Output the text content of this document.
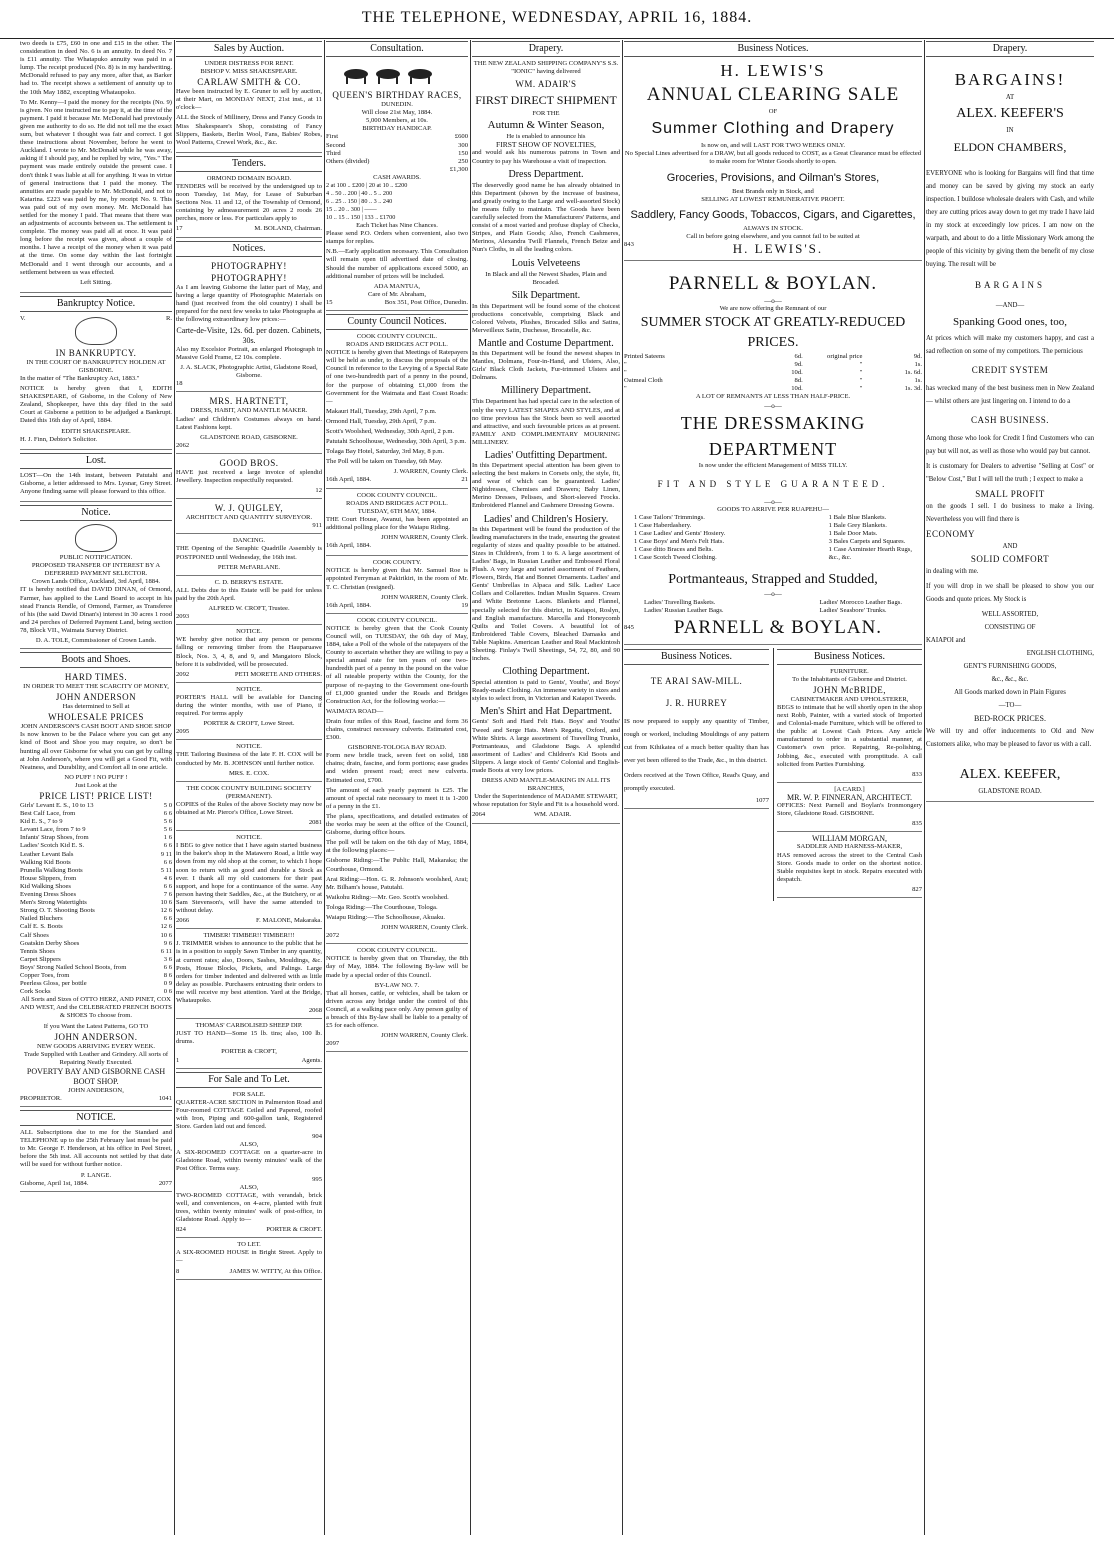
THE TELEPHONE, WEDNESDAY, APRIL 16, 1884.

two deeds is £75, £60 in one and £15 in the other. The consideration in deed No. 6 is an annuity. In deed No. 7 is £11 annuity. The Whatapuko annuity was paid in a lump. The receipt produced (No. 8) is in my handwriting. McDonald refused to pay any more, after that, as Barker had to. The receipt shows a settlement of annuity up to the 10th May 1882, excepting Whataupoko.

To Mr. Kenny—I paid the money for the receipts (No. 9) is given. No one instructed me to pay it, at the time of the payment. I paid it because Mr. McDonald had previously given me authority to do so. He did not tell me the exact sum, but whatever I thought was fair and correct. I got these instructions about November, before he went to Auckland. I wrote to Mr. McDonald while he was away, asking if I should pay, and he replied by wire, "Yes." The payment was made entirely outside the present case. I don't think I was liable at all for anything. It was in virtue of general instructions that I paid the money. The annuities are made payable to Mr. McDonald, and not to Katarina. £223 was paid by me, by receipt No. 9. This was paid out of my own money. Mr. McDonald has settled for the money I paid. That means that there was an adjustments of accounts between us. The settlement is complete. The money was paid all at once. It was paid long before the receipt was given, about a couple of months. I have a receipt of the money when it was paid at the time. On some day within the last fortnight McDonald and I went through our accounts, and a settlement between us was effected.

Left Sitting.

Bankruptcy Notice.
V.	R.
IN BANKRUPTCY.
IN THE COURT OF BANKRUPTCY HOLDEN AT GISBORNE.

In the matter of "The Bankruptcy Act, 1883."

NOTICE is hereby given that I, EDITH SHAKESPEARE, of Gisborne, in the Colony of New Zealand, Shopkeeper, have this day filed in the said Court at Gisborne a petition to be adjudged a Bankrupt. Dated this 16th day of April, 1884.

EDITH SHAKESPEARE.

H. J. Finn, Debtor's Solicitor.

Lost.

LOST—On the 14th instant, between Patutahi and Gisborne, a letter addressed to Mrs. Lysnar, Grey Street. Anyone finding same will please forward to this office.

Notice.
PUBLIC NOTIFICATION.
PROPOSED TRANSFER OF INTEREST BY A DEFERRED PAYMENT SELECTOR.
Crown Lands Office, Auckland, 3rd April, 1884.

IT is hereby notified that DAVID DINAN, of Ormond, Farmer, has applied to the Land Board to accept in his stead Francis Rendle, of Ormond, Farmer, as Transferee of his (the said David Dinan's) interest in 30 acres 1 rood and 24 perches of Deferred Payment Land, being section 78, Block VII., Waimata Survey District.

D. A. TOLE, Commissioner of Crown Lands.
Boots and Shoes.
HARD TIMES.
IN ORDER TO MEET THE SCARCITY OF MONEY,
JOHN ANDERSON
Has determined to Sell at
WHOLESALE PRICES
JOHN ANDERSON'S CASH BOOT AND SHOE SHOP

Is now known to be the Palace where you can get any kind of Boot and Shoe you may require, so don't be hunting all over Gisborne for what you can get by calling at John Anderson's, where you will get a Good Fit, with Neatness, and Durability, and Comfort all in one article.

NO PUFF ! NO PUFF !
Just Look at the
PRICE LIST! PRICE LIST!
Girls' Levant E. S., 10 to 13	5 0
Best Calf Lace, from	6 6
Kid E. S., 7 to 9	5 6
Levant Lace, from 7 to 9	5 6
Infants' Strap Shoes, from	1 6
Ladies' Scotch Kid E. S.	6 6
Leather Levant Bals	9 11
Walking Kid Boots	6 6
Prunella Walking Boots	5 11
House Slippers, from	4 6
Kid Walking Shoes	6 6
Evening Dress Shoes	7 6
Men's Strong Watertights	10 6
Strong O. T. Shooting Boots	12 6
Nailed Bluchers	6 6
Calf E. S. Boots	12 6
Calf Shoes	10 6
Goatskin Derby Shoes	9 6
Tennis Shoes	6 11
Carpet Slippers	3 6
Boys' Strong Nailed School Boots, from	6 6
Copper Toes, from	8 6
Peerless Gloss, per bottle	0 9
Cork Socks	0 6

All Sorts and Sizes of OTTO HERZ, AND PINET, COX AND WEST, And the CELEBRATED FRENCH BOOTS & SHOES To choose from.

If you Want the Latest Patterns, GO TO
JOHN ANDERSON.
NEW GOODS ARRIVING EVERY WEEK.
Trade Supplied with Leather and Grindery. All sorts of Repairing Neatly Executed.
POVERTY BAY AND GISBORNE CASH BOOT SHOP.
JOHN ANDERSON,
PROPRIETOR.	1041
NOTICE.

ALL Subscriptions due to me for the Standard and TELEPHONE up to the 25th February last must be paid to Mr. George F. Henderson, at his office in Peel Street, before the 5th inst. All accounts not settled by that date will be sued for without further notice.

P. LANGE.
Gisborne, April 1st, 1884.	2077
Sales by Auction.
UNDER DISTRESS FOR RENT.
BISHOP V. MISS SHAKESPEARE.
CARLAW SMITH & CO.

Have been instructed by E. Gruner to sell by auction, at their Mart, on MONDAY NEXT, 21st inst., at 11 o'clock—

ALL the Stock of Millinery, Dress and Fancy Goods in Miss Shakespeare's Shop, consisting of Fancy Slippers, Baskets, Berlin Wool, Fans, Babies' Robes, Wool Patterns, Crewel Work, &c., &c.

Tenders.
ORMOND DOMAIN BOARD.

TENDERS will be received by the undersigned up to noon Tuesday, 1st May, for Lease of Suburban Sections Nos. 11 and 12, of the Township of Ormond, containing by admeasurement 20 acres 2 roods 26 perches, more or less. For particulars apply to

17	M. BOLAND, Chairman.
Notices.
PHOTOGRAPHY! PHOTOGRAPHY!

As I am leaving Gisborne the latter part of May, and having a large quantity of Photographic Materials on hand (just received from the old country) I shall be prepared for the next few weeks to take Photographs at the following extraordinary low prices:—

Carte-de-Visite, 12s. 6d. per dozen. Cabinets, 30s.

Also my Excelsior Portrait, an enlarged Photograph in Massive Gold Frame, £2 10s. complete.

J. A. SLACK, Photographic Artist, Gladstone Road, Gisborne.
18
MRS. HARTNETT,
DRESS, HABIT, AND MANTLE MAKER.

Ladies' and Children's Costumes always on hand. Latest Fashions kept.

GLADSTONE ROAD, GISBORNE.
2062
GOOD BROS.

HAVE just received a large invoice of splendid Jewellery. Inspection respectfully requested.

12
W. J. QUIGLEY,
ARCHITECT AND QUANTITY SURVEYOR.
911
DANCING.

THE Opening of the Seraphic Quadrille Assembly is POSTPONED until Wednesday, the 16th inst.

PETER McFARLANE.
C. D. BERRY'S ESTATE.

ALL Debts due to this Estate will be paid for unless paid by the 20th April.

ALFRED W. CROFT, Trustee.
2093
NOTICE.

WE hereby give notice that any person or persons falling or removing timber from the Hauparuawe Block, Nos. 3, 4, 8, and 9, and Mangatoro Block, before it is subdivided, will be prosecuted.

2092	PETI MORETE AND OTHERS.
NOTICE.

PORTER'S HALL will be available for Dancing during the winter months, with use of Piano, if required. For terms apply

PORTER & CROFT, Lowe Street.
2095
NOTICE.

THE Tailoring Business of the late F. H. COX will be conducted by Mr. B. JOHNSON until further notice.

MRS. E. COX.
THE COOK COUNTY BUILDING SOCIETY (PERMANENT).

COPIES of the Rules of the above Society may now be obtained at Mr. Pierce's Office, Lowe Street.

2081
NOTICE.

I BEG to give notice that I have again started business in the baker's shop in the Matawero Road, a little way down from my old shop at the corner, to which I hope soon to return with as good and durable a Stock as ever. I thank all my old customers for their past support, and hope for a continuance of the same. Any person having their Saddles, &c., at the Butchery, or at Sam Stevenson's, will have the same attended to without delay.

2066	F. MALONE, Makaraka.
TIMBER! TIMBER!! TIMBER!!!

J. TRIMMER wishes to announce to the public that he is in a position to supply Sawn Timber in any quantity, at current rates; also, Doors, Sashes, Mouldings, &c. Posts, House Blocks, Pickets, and Palings. Large orders for timber indented and delivered with as little delay as possible. Purchasers entrusting their orders to me will receive my best attention. Yard at the Bridge, Whataupoko.

2068
THOMAS' CARBOLISED SHEEP DIP.

JUST TO HAND—Some 15 lb. tins; also, 100 lb. drums.

PORTER & CROFT,
1	Agents.
For Sale and To Let.
FOR SALE.

QUARTER-ACRE SECTION in Palmerston Road and Four-roomed COTTAGE Ceiled and Papered, roofed with Iron, Piping and 600-gallon tank, Registered Store. Garden laid out and fenced.

904
ALSO,

A SIX-ROOMED COTTAGE on a quarter-acre in Gladstone Road, within twenty minutes' walk of the Post Office. Terms easy.

995
ALSO,

TWO-ROOMED COTTAGE, with verandah, brick well, and conveniences, on 4-acre, planted with fruit trees, within twenty minutes' walk of post-office, in Gladstone Road. Apply to—

824	PORTER & CROFT.
TO LET.

A SIX-ROOMED HOUSE in Bright Street. Apply to—

8	JAMES W. WITTY, At this Office.
Consultation.
QUEEN'S BIRTHDAY RACES,
DUNEDIN.
Will close 21st May, 1884.
5,000 Members, at 10s.
BIRTHDAY HANDICAP.
First	£600
Second	300
Third	150
Others (divided)	250
£1,300
CASH AWARDS.
2 at 100 .. £200 | 20 at 10 .. £200
4 .. 50 .. 200 | 40 .. 5 .. 200
6 .. 25 .. 150 | 80 .. 3 .. 240
15 .. 20 .. 300 | ——
10 .. 15 .. 150 | 133 .. £1700
Each Ticket has Nine Chances.

Please send P.O. Orders when convenient, also two stamps for replies.

N.B.—Early application necessary. This Consultation will remain open till advertised date of closing. Should the number of applications exceed 5000, an additional number of prizes will be included.

ADA MANTUA,
Care of Mr. Abraham,
15	Box 351, Post Office, Dunedin.
County Council Notices.
COOK COUNTY COUNCIL.
ROADS AND BRIDGES ACT POLL.

NOTICE is hereby given that Meetings of Ratepayers will be held as under, to discuss the proposals of the Council in reference to the Levying of a Special Rate of one two-hundredth part of a penny in the pound, for the purpose of obtaining £1,000 from the Government for the Waimata and East Coast Roads:—

Makauri Hall, Tuesday, 29th April, 7 p.m.

Ormond Hall, Tuesday, 29th April, 7 p.m.

Scott's Woolshed, Wednesday, 30th April, 2 p.m.

Patutahi Schoolhouse, Wednesday, 30th April, 3 p.m.

Tolaga Bay Hotel, Saturday, 3rd May, 8 p.m.

The Poll will be taken on Tuesday, 6th May.

J. WARREN, County Clerk.
16th April, 1884.	21
COOK COUNTY COUNCIL.
ROADS AND BRIDGES ACT POLL.
TUESDAY, 6TH MAY, 1884.

THE Court House, Awanui, has been appointed an additional polling place for the Waiapu Riding.

JOHN WARREN, County Clerk.

16th April, 1884.

COOK COUNTY.

NOTICE is hereby given that Mr. Samuel Roe is appointed Ferryman at Pakirikiri, in the room of Mr. T. C. Christian (resigned).

JOHN WARREN, County Clerk.
16th April, 1884.	19
COOK COUNTY COUNCIL.

NOTICE is hereby given that the Cook County Council will, on TUESDAY, the 6th day of May, 1884, take a Poll of the whole of the ratepayers of the County to ascertain whether they are willing to pay a special annual rate for ten years of one two-hundredth part of a penny in the pound on the value of all rateable property within the County, for the purpose of re-paying to the Government one-fourth of £1,000 granted under the Roads and Bridges Construction Act, for the following works:—

WAIMATA ROAD—

Drain four miles of this Road, fascine and form 36 chains, construct necessary culverts. Estimated cost, £300.

GISBORNE-TOLOGA BAY ROAD.

Form new bridle track, seven feet on solid, 188 chains; drain, fascine, and form portions; ease grades and widen present road; erect new culverts. Estimated cost, £700.

The amount of each yearly payment is £25. The amount of special rate necessary to meet it is 1-200 of a penny in the £1.

The plans, specifications, and detailed estimates of the works may be seen at the office of the Council, Gisborne, during office hours.

The poll will be taken on the 6th day of May, 1884, at the following places:—

Gisborne Riding:—The Public Hall, Makaraka; the Courthouse, Ormond.

Arai Riding:—Hon. G. R. Johnson's woolshed, Arai; Mr. Bilham's house, Patutahi.

Waikohu Riding:—Mr. Geo. Scott's woolshed.

Tologa Riding:—The Courthouse, Tologa.

Waiapu Riding:—The Schoolhouse, Akuaku.

JOHN WARREN, County Clerk.
2072
COOK COUNTY COUNCIL.

NOTICE is hereby given that on Thursday, the 8th day of May, 1884. The following By-law will be made by a special order of this Council.

BY-LAW NO. 7.

That all horses, cattle, or vehicles, shall be taken or driven across any bridge under the control of this Council, at a walking pace only. Any person guilty of a breach of this By-law shall be liable to a penalty of £5 for each offence.

JOHN WARREN, County Clerk.
2097
Drapery.

THE NEW ZEALAND SHIPPING COMPANY'S S.S. "IONIC" having delivered

WM. ADAIR'S
FIRST DIRECT SHIPMENT
FOR THE
Autumn & Winter Season,
He is enabled to announce his
FIRST SHOW OF NOVELTIES,

and would ask his numerous patrons in Town and Country to pay his Warehouse a visit of inspection.

Dress Department.

The deservedly good name he has already obtained in this Department (shown by the increase of business, and greatly owing to the Large and well-assorted Stock) he means fully to maintain. The Goods have been carefully selected from the Manufacturers' Patterns, and consist of a most varied and profuse display of Checks, Stripes, and Plain Goods; Also, French Cashmeres, Merinos, Alexandra Twill Flannels, French Beize and Nun's Cloths, in all the leading colors.

Louis Velveteens

In Black and all the Newest Shades, Plain and Brocaded.

Silk Department.

In this Department will be found some of the choicest productions conceivable, comprising Black and Colored Velvets, Plushes, Brocaded Silks and Satins, Merveilleux Satin, Duchesse, Brocatelle, &c.

Mantle and Costume Department.

In this Department will be found the newest shapes in Mantles, Dolmans, Four-in-Hand, and Ulsters, Also, Girls' Black Cloth Jackets, Fur-trimmed Ulsters and Dolmans.

Millinery Department.

This Department has had special care in the selection of only the very LATEST SHAPES AND STYLES, and at no time previous has the Stock been so well assorted and attractive, and such favourable prices as at present. FAMILY AND COMPLIMENTARY MOURNING MILLINERY.

Ladies' Outfitting Department.

In this Department special attention has been given to selecting the best makers in Corsets only, the style, fit, and wear of which can be guaranteed. Ladies' Nightdresses, Chemises and Drawers; Baby Linen, Merino Dresses, Pelisses, and Short-sleeved Frocks. Embroidered Flannel and Cashmere Dressing Gowns.

Ladies' and Children's Hosiery.

In this Department will be found the production of the leading manufacturers in the trade, ensuring the greatest regularity of sizes and quality possible to be attained. Sizes in Children's, from 1 to 6. A large assortment of Ladies' Bags, in Russian Leather and Embossed Floral Plush. A very large and varied assortment of Feathers, Flowers, Birds, Hat and Bonnet Ornaments. Ladies' and Gents' Umbrellas in Alpaca and Silk. Ladies' Lace Collars and Collarettes. Indian Muslin Squares. Cream and White Bretonne Laces. Blankets and Flannel, specially selected for this district, in Kaiapoi, Roslyn, and English manufacture. Marcella and Honeycomb Quilts and Toilet Covers. A beautiful lot of Embroidered Table Covers, Bleached Damasks and Table Napkins. American Leather and Real Mackintosh Sheeting. Finlay's Twill Sheetings, 54, 72, 80, and 90 inches.

Clothing Department.

Special attention is paid to Gents', Youths', and Boys' Ready-made Clothing. An immense variety in sizes and styles to select from, in Victorian and Kaiapoi Tweeds.

Men's Shirt and Hat Department.

Gents' Soft and Hard Felt Hats. Boys' and Youths' Tweed and Serge Hats. Men's Regatta, Oxford, and White Shirts. A large assortment of Travelling Trunks, Portmanteaus, and Gladstone Bags. A splendid assortment of Ladies' and Children's Kid Boots and Slippers. A large stock of Gents' Colonial and English-made Boots at very low prices.

DRESS AND MANTLE-MAKING IN ALL ITS BRANCHES,

Under the Superintendence of MADAME STEWART, whose reputation for Style and Fit is a household word.

2064	WM. ADAIR.
Business Notices.
H. LEWIS'S
ANNUAL CLEARING SALE
OF
Summer Clothing and Drapery
Is now on, and will LAST FOR TWO WEEKS ONLY.

No Special Lines advertised for a DRAW, but all goods reduced to COST, as a Great Clearance must be effected to make room for Winter Goods shortly to open.

Groceries, Provisions, and Oilman's Stores,
Best Brands only in Stock, and
SELLING AT LOWEST REMUNERATIVE PROFIT.
Saddlery, Fancy Goods, Tobaccos, Cigars, and Cigarettes,
ALWAYS IN STOCK.
Call in before going elsewhere, and you cannot fail to be suited at
843	H. LEWIS'S.
PARNELL & BOYLAN.
—o—
We are now offering the Remnant of our
SUMMER STOCK AT GREATLY-REDUCED PRICES.
Printed Sateens	6d.	original price	9d.
"	9d.	"	1s.
"	10d.	"	1s. 6d.
Oatmeal Cloth	8d.	"	1s.
"	10d.	"	1s. 3d.
A LOT OF REMNANTS AT LESS THAN HALF-PRICE.
—o—
THE DRESSMAKING DEPARTMENT
Is now under the efficient Management of MISS TILLY.
FIT AND STYLE GUARANTEED.
—o—
GOODS TO ARRIVE PER RUAPEHU—
1 Case Tailors' Trimmings.
1 Case Haberdashery.
1 Case Ladies' and Gents' Hosiery.
1 Case Boys' and Men's Felt Hats.
1 Case ditto Braces and Belts.
1 Case Scotch Tweed Clothing.
1 Bale Blue Blankets.
1 Bale Grey Blankets.
1 Bale Door Mats.
3 Bales Carpets and Squares.
1 Case Axminster Hearth Rugs,
&c., &c.
Portmanteaus, Strapped and Studded,
—o—
Ladies' Travelling Baskets.
Ladies' Russian Leather Bags.
Ladies' Morocco Leather Bags.
Ladies' Seasbore' Trunks.
845 PARNELL & BOYLAN.
Business Notices.
TE ARAI SAW-MILL.
J. R. HURREY

IS now prepared to supply any quantity of Timber, rough or worked, including Mouldings of any pattern cut from Kihikatea of a much better quality than has ever yet been offered to the Trade, &c., in this district.

Orders received at the Town Office, Read's Quay, and promptly executed.

1077
Business Notices.
FURNITURE.
To the Inhabitants of Gisborne and District.
JOHN McBRIDE,
CABINETMAKER AND UPHOLSTERER,

BEGS to intimate that he will shortly open in the shop next Robb, Painter, with a varied stock of Imported and Colonial-made Furniture, which will be offered to the public at Lowest Cash Prices. Any article manufactured to order in a substantial manner, at Customer's own price. Repairing, Re-polishing, Jobbing, &c., executed with promptitude. A call solicited from Parties Furnishing.

833
[A CARD.]
MR. W. P. FINNERAN, ARCHITECT.

OFFICES: Next Parnell and Boylan's Ironmongery Store, Gladstone Road. GISBORNE.

835
WILLIAM MORGAN,
SADDLER AND HARNESS-MAKER,

HAS removed across the street to the Central Cash Store. Goods made to order on the shortest notice. Stable requisites kept in stock. Repairs executed with despatch.

827
Drapery.
BARGAINS!
AT
ALEX. KEEFER'S
IN
ELDON CHAMBERS,

EVERYONE who is looking for Bargains will find that time and money can be saved by giving my stock an early inspection. I buildose wholesale dealers with Cash, and while they are cutting prices away down to get my trade I have laid in my stock at exceedingly low prices. I am now on the warpath, and about to do a little Missionary Work among the people of this vicinity by giving them the benefit of my close buying. The result will be

BARGAINS
—AND—
Spanking Good ones, too,

At prices which will make my customers happy, and cast a sad reflection on some of my competitors. The pernicious

CREDIT SYSTEM

has wrecked many of the best business men in New Zealand — whilst others are just lingering on. I intend to do a

CASH BUSINESS.

Among those who look for Credit I find Customers who can pay but will not, as well as those who would pay but cannot.

It is customary for Dealers to advertise "Selling at Cost" or "Below Cost," But I will tell the truth ; I expect to make a

SMALL PROFIT

on the goods I sell. I do business to make a living. Nevertheless you will find there is

ECONOMY
AND
SOLID COMFORT

in dealing with me.

If you will drop in we shall be pleased to show you our Goods and quote prices. My Stock is

WELL ASSORTED,
CONSISTING OF
KAIAPOI and
ENGLISH CLOTHING,
GENT'S FURNISHING GOODS,
&c., &c., &c.
All Goods marked down in Plain Figures
—TO—
BED-ROCK PRICES.

We will try and offer inducements to Old and New Customers alike, who may be pleased to favor us with a call.

ALEX. KEEFER,
GLADSTONE ROAD.
